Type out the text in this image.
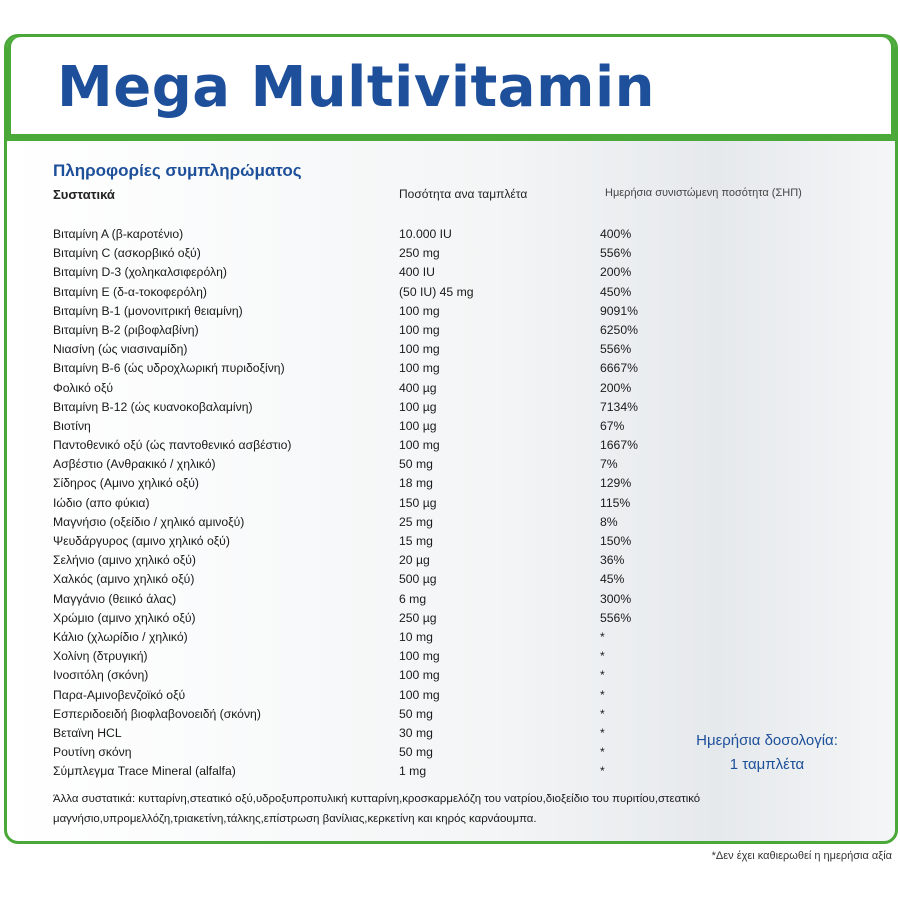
Mega Multivitamin
Πληροφορίες συμπληρώματος
Συστατικά	Ποσότητα ανα ταμπλέτα	Ημερήσια συνιστώμενη ποσότητα (ΣΗΠ)
Βιταμίνη Α (β-καροτένιο)	10.000 IU	400%
Βιταμίνη C (ασκορβικό οξύ)	250 mg	556%
Βιταμίνη D-3 (χοληκαλσιφερόλη)	400 IU	200%
Βιταμίνη Ε (δ-α-τοκοφερόλη)	(50 IU) 45 mg	450%
Βιταμίνη Β-1 (μονονιτρική θειαμίνη)	100 mg	9091%
Βιταμίνη Β-2 (ριβοφλαβίνη)	100 mg	6250%
Νιασίνη (ώς νιασιναμίδη)	100 mg	556%
Βιταμίνη Β-6 (ώς υδροχλωρική πυριδοξίνη)	100 mg	6667%
Φολικό οξύ	400 µg	200%
Βιταμίνη Β-12 (ώς κυανοκοβαλαμίνη)	100 µg	7134%
Βιοτίνη	100 µg	67%
Παντοθενικό οξύ (ώς παντοθενικό ασβέστιο)	100 mg	1667%
Ασβέστιο (Ανθρακικό / χηλικό)	50 mg	7%
Σίδηρος (Αμινο χηλικό οξύ)	18 mg	129%
Ιώδιο (απο φύκια)	150 µg	115%
Μαγνήσιο (οξείδιο / χηλικό αμινοξύ)	25 mg	8%
Ψευδάργυρος (αμινο χηλικό οξύ)	15 mg	150%
Σελήνιο (αμινο χηλικό οξύ)	20 µg	36%
Χαλκός (αμινο χηλικό οξύ)	500 µg	45%
Μαγγάνιο (θειικό άλας)	6 mg	300%
Χρώμιο (αμινο χηλικό οξύ)	250 µg	556%
Κάλιο (χλωρίδιο / χηλικό)	10 mg	*
Χολίνη (δτρυγική)	100 mg	*
Ινοσιτόλη (σκόνη)	100 mg	*
Παρα-Αμινοβενζοϊκό οξύ	100 mg	*
Εσπεριδοειδή βιοφλαβονοειδή (σκόνη)	50 mg	*
Βεταϊνη HCL	30 mg	*
Ρουτίνη σκόνη	50 mg	*
Σύμπλεγμα Trace Mineral (alfalfa)	1 mg	*
Ημερήσια δοσολογία:
1 ταμπλέτα
Άλλα συστατικά: κυτταρίνη,στεατικό οξύ,υδροξυπροπυλική κυτταρίνη,κροσκαρμελόζη του νατρίου,διοξείδιο του πυριτίου,στεατικό μαγνήσιο,υπρομελλόζη,τριακετίνη,τάλκης,επίστρωση βανίλιας,κερκετίνη και κηρός καρνάουμπα.
*Δεν έχει καθιερωθεί η ημερήσια αξία
